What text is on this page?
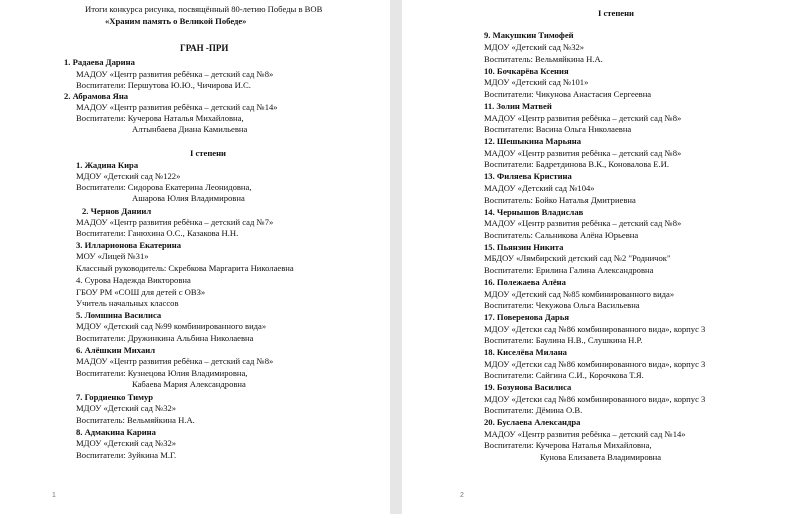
Итоги конкурса рисунка, посвящённый 80-летию Победы в ВОВ
«Храним память о Великой Победе»
ГРАН -ПРИ
1. Радаева Дарина
МАДОУ «Центр развития ребёнка – детский сад №8»
Воспитатели: Першутова Ю.Ю., Чичирова И.С.
2. Абрамова Яна
МАДОУ «Центр развития ребёнка – детский сад №14»
Воспитатели: Кучерова Наталья Михайловна,
Алтынбаева Диана Камильевна
I степени
1. Жадина Кира
МДОУ «Детский сад №122»
Воспитатели: Сидорова Екатерина Леонидовна,
Ашарова Юлия Владимировна
2. Чернов Даниил
МАДОУ «Центр развития ребёнка – детский сад №7»
Воспитатели: Ганюхина О.С., Казакова Н.Н.
3. Илларионова Екатерина
МОУ «Лицей №31»
Классный руководитель: Скребкова Маргарита Николаевна
4. Сурова Надежда Викторовна
ГБОУ РМ «СОШ для детей с ОВЗ»
Учитель начальных классов
5. Ломшина Василиса
МДОУ «Детский сад №99 комбинированного вида»
Воспитатели: Дружинкина Альбина Николаевна
6. Алёшкин Михаил
МАДОУ «Центр развития ребёнка – детский сад №8»
Воспитатели: Кузнецова Юлия Владимировна,
Кабаева Мария Александровна
7. Гордиенко Тимур
МДОУ «Детский сад №32»
Воспитатель: Вельмяйкина Н.А.
8. Адмакина Карина
МДОУ «Детский сад №32»
Воспитатели: Зуйкина М.Г.
1
I степени
9. Макушкин Тимофей
МДОУ «Детский сад №32»
Воспитатель: Вельмяйкина Н.А.
10. Бочкарёва Ксения
МДОУ «Детский сад №101»
Воспитатели: Чикунова Анастасия Сергеевна
11. Золин Матвей
МАДОУ «Центр развития ребёнка – детский сад №8»
Воспитатели: Васина Ольга Николаевна
12. Шешыкина Марьяна
МАДОУ «Центр развития ребёнка – детский сад №8»
Воспитатели: Бадретдинова В.К., Коновалова Е.И.
13. Филяева Кристина
МАДОУ «Детский сад №104»
Воспитатель: Бойко Наталья Дмитриевна
14. Чернышов Владислав
МАДОУ «Центр развития ребёнка – детский сад №8»
Воспитатель: Сальникова Алёна Юрьевна
15. Пьянзин Никита
МБДОУ «Лямбирский детский сад №2 "Родничок"
Воспитатели: Ерилина Галина Александровна
16. Полежаева Алёна
МДОУ «Детский сад №85 комбинированного вида»
Воспитатели: Чекужова Ольга Васильевна
17. Поверенова Дарья
МДОУ «Детски сад №86 комбинированного вида», корпус 3
Воспитатели: Баулина Н.В., Слушкина Н.Р.
18. Киселёва Милана
МДОУ «Детски сад №86 комбинированного вида», корпус 3
Воспитатели: Сайгина С.И., Корочкова Т.Я.
19. Бозунова Василиса
МДОУ «Детски сад №86 комбинированного вида», корпус 3
Воспитатели: Дёмина О.В.
20. Буслаева Александра
МАДОУ «Центр развития ребёнка – детский сад №14»
Воспитатели: Кучерова Наталья Михайловна,
Кунова Елизавета Владимировна
2
